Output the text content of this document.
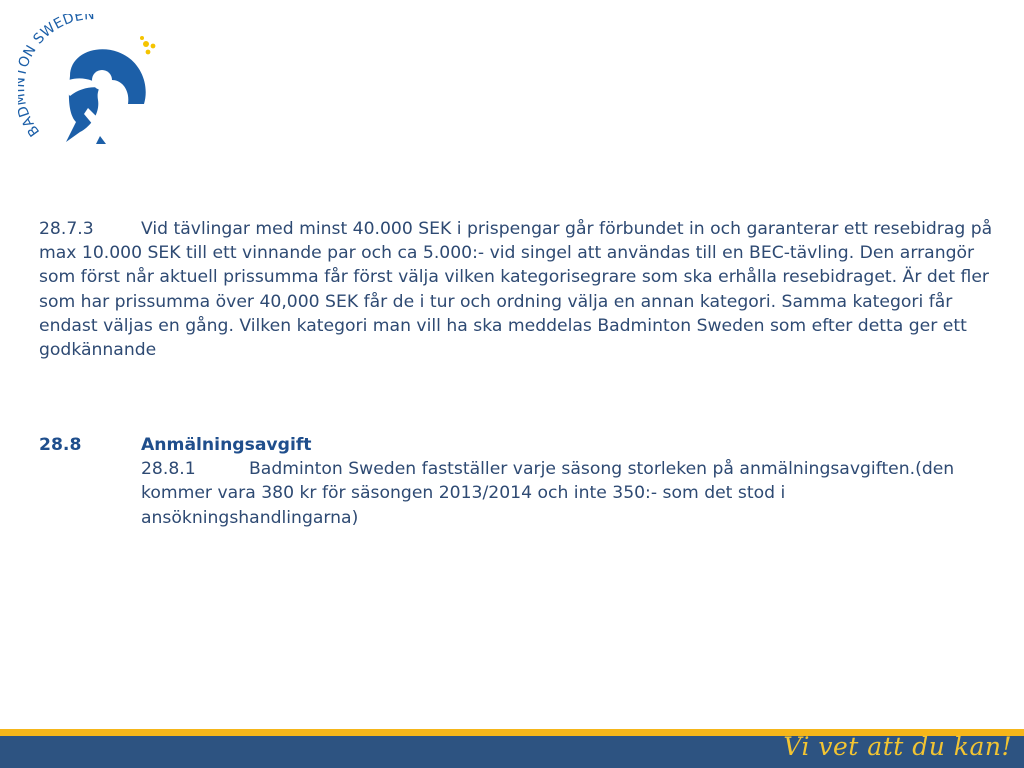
BA N SWEDEN
28.7.3	Vid tävlingar med minst 40.000 SEK i prispengar går förbundet in och garanterar ett resebidrag på max 10.000 SEK till ett vinnande par och ca 5.000:- vid singel att användas till en BEC-tävling. Den arrangör som först når aktuell prissumma får först välja vilken kategorisegrare som ska erhålla resebidraget. Är det fler som har prissumma över 40,000 SEK får de i tur och ordning välja en annan kategori. Samma kategori får endast väljas en gång. Vilken kategori man vill ha ska meddelas Badminton Sweden som efter detta ger ett godkännande
28.8	Anmälningsavgift
28.8.1	Badminton Sweden fastställer varje säsong storleken på anmälningsavgiften.(den kommer vara 380 kr för säsongen 2013/2014 och inte 350:- som det stod i ansökningshandlingarna)
Vi vet att du kan!
